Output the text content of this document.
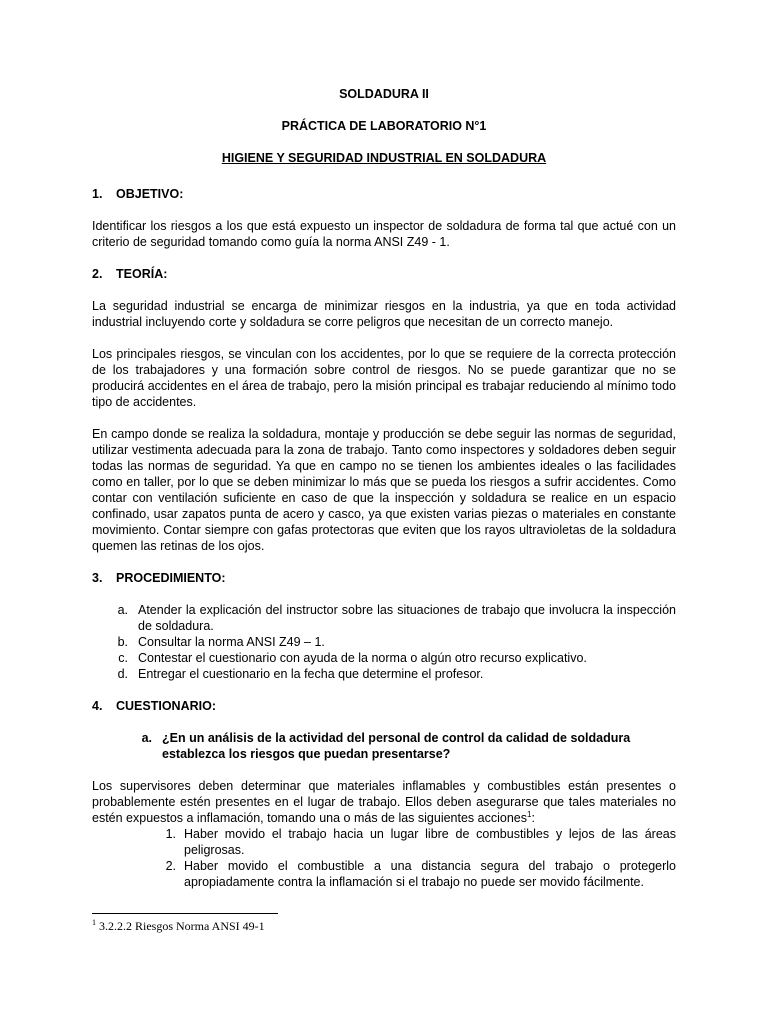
SOLDADURA II
PRÁCTICA DE LABORATORIO N°1
HIGIENE Y SEGURIDAD INDUSTRIAL EN SOLDADURA
1.	OBJETIVO:

Identificar los riesgos a los que está expuesto un inspector de soldadura de forma tal que actué con un criterio de seguridad tomando como guía la norma ANSI Z49 - 1.

2.	TEORÍA:

La seguridad industrial se encarga de minimizar riesgos en la industria, ya que en toda actividad industrial incluyendo corte y soldadura se corre peligros que necesitan de un correcto manejo.

Los principales riesgos, se vinculan con los accidentes, por lo que se requiere de la correcta protección de los trabajadores y una formación sobre control de riesgos. No se puede garantizar que no se producirá accidentes en el área de trabajo, pero la misión principal es trabajar reduciendo al mínimo todo tipo de accidentes.

En campo donde se realiza la soldadura, montaje y producción se debe seguir las normas de seguridad, utilizar vestimenta adecuada para la zona de trabajo. Tanto como inspectores y soldadores deben seguir todas las normas de seguridad. Ya que en campo no se tienen los ambientes ideales o las facilidades como en taller, por lo que se deben minimizar lo más que se pueda los riesgos a sufrir accidentes. Como contar con ventilación suficiente en caso de que la inspección y soldadura se realice en un espacio confinado, usar zapatos punta de acero y casco, ya que existen varias piezas o materiales en constante movimiento. Contar siempre con gafas protectoras que eviten que los rayos ultravioletas de la soldadura quemen las retinas de los ojos.

3.	PROCEDIMIENTO:
a. Atender la explicación del instructor sobre las situaciones de trabajo que involucra la inspección de soldadura.
b. Consultar la norma ANSI Z49 – 1.
c. Contestar el cuestionario con ayuda de la norma o algún otro recurso explicativo.
d. Entregar el cuestionario en la fecha que determine el profesor.
4.	CUESTIONARIO:
a. ¿En un análisis de la actividad del personal de control da calidad de soldadura establezca los riesgos que puedan presentarse?

Los supervisores deben determinar que materiales inflamables y combustibles están presentes o probablemente estén presentes en el lugar de trabajo. Ellos deben asegurarse que tales materiales no estén expuestos a inflamación, tomando una o más de las siguientes acciones$^1$:

1. Haber movido el trabajo hacia un lugar libre de combustibles y lejos de las áreas peligrosas.
2. Haber movido el combustible a una distancia segura del trabajo o protegerlo apropiadamente contra la inflamación si el trabajo no puede ser movido fácilmente.
$^1$ 3.2.2.2 Riesgos Norma ANSI 49-1
